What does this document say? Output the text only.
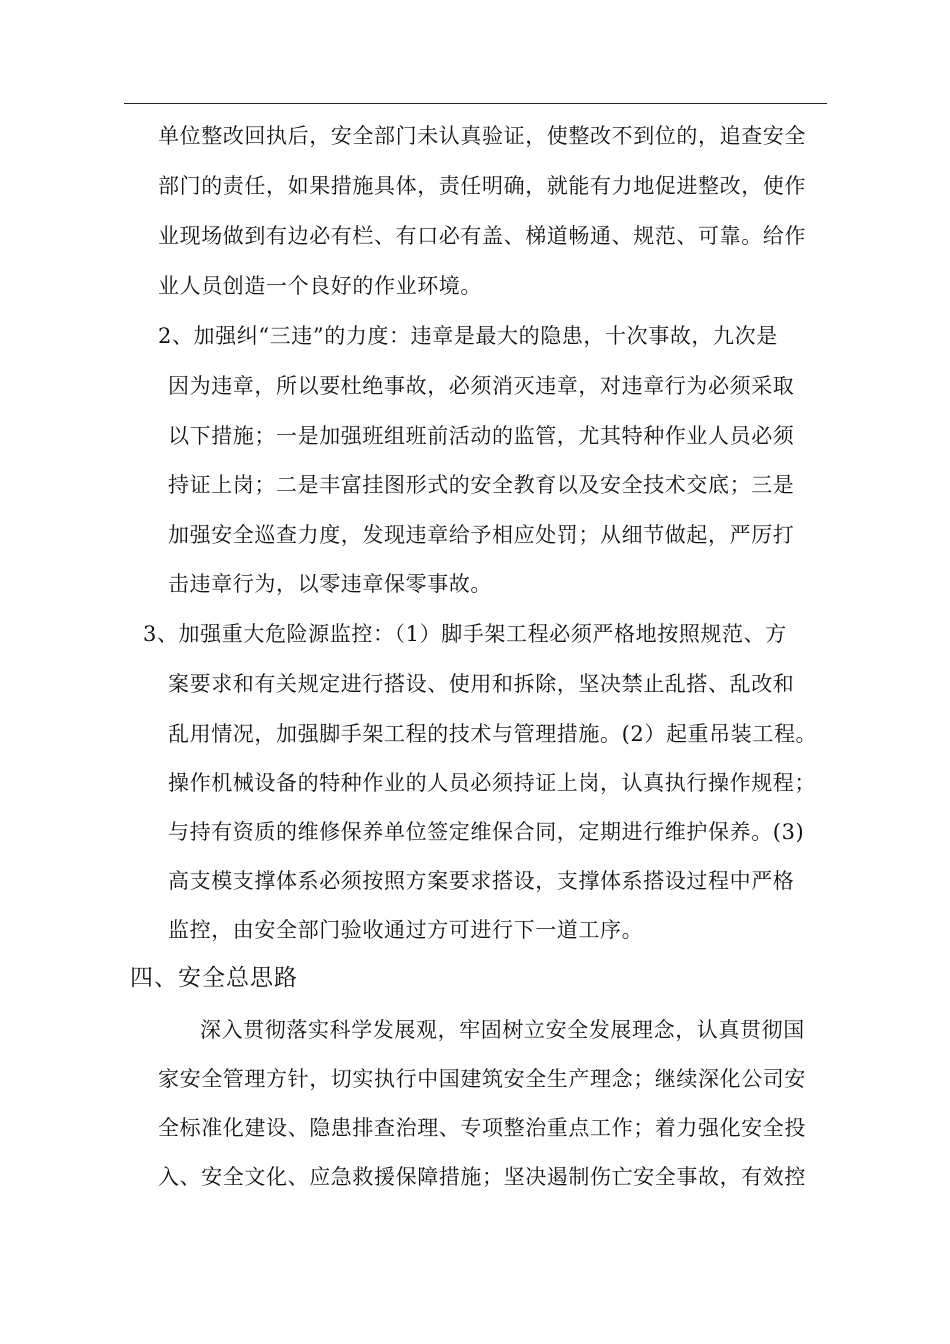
单位整改回执后，安全部门未认真验证，使整改不到位的，追查安全
部门的责任，如果措施具体，责任明确，就能有力地促进整改，使作
业现场做到有边必有栏、有口必有盖、梯道畅通、规范、可靠。给作
业人员创造一个良好的作业环境。
2、加强纠“三违”的力度：违章是最大的隐患，十次事故，九次是
因为违章，所以要杜绝事故，必须消灭违章，对违章行为必须采取
以下措施；一是加强班组班前活动的监管，尤其特种作业人员必须
持证上岗；二是丰富挂图形式的安全教育以及安全技术交底；三是
加强安全巡查力度，发现违章给予相应处罚；从细节做起，严厉打
击违章行为，以零违章保零事故。
3、加强重大危险源监控：（1）脚手架工程必须严格地按照规范、方
案要求和有关规定进行搭设、使用和拆除，坚决禁止乱搭、乱改和
乱用情况，加强脚手架工程的技术与管理措施。(2）起重吊装工程。
操作机械设备的特种作业的人员必须持证上岗，认真执行操作规程；
与持有资质的维修保养单位签定维保合同，定期进行维护保养。(3)
高支模支撑体系必须按照方案要求搭设，支撑体系搭设过程中严格
监控，由安全部门验收通过方可进行下一道工序。
四、安全总思路
深入贯彻落实科学发展观，牢固树立安全发展理念，认真贯彻国
家安全管理方针，切实执行中国建筑安全生产理念；继续深化公司安
全标准化建设、隐患排查治理、专项整治重点工作；着力强化安全投
入、安全文化、应急救援保障措施；坚决遏制伤亡安全事故，有效控
